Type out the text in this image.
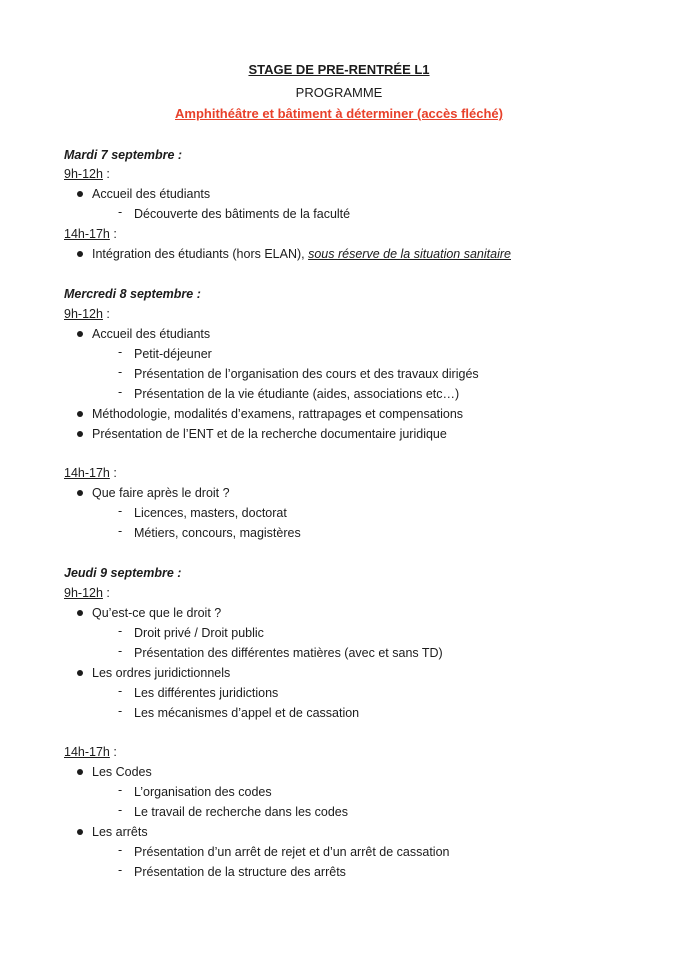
STAGE DE PRE-RENTRÉE L1
PROGRAMME
Amphithéâtre et bâtiment à déterminer (accès fléché)
Mardi 7 septembre :
9h-12h :
Accueil des étudiants
- Découverte des bâtiments de la faculté
14h-17h :
Intégration des étudiants (hors ELAN), sous réserve de la situation sanitaire
Mercredi 8 septembre :
9h-12h :
Accueil des étudiants
- Petit-déjeuner
- Présentation de l’organisation des cours et des travaux dirigés
- Présentation de la vie étudiante (aides, associations etc…)
Méthodologie, modalités d’examens, rattrapages et compensations
Présentation de l’ENT et de la recherche documentaire juridique
14h-17h :
Que faire après le droit ?
- Licences, masters, doctorat
- Métiers, concours, magistères
Jeudi 9 septembre :
9h-12h :
Qu’est-ce que le droit ?
- Droit privé / Droit public
- Présentation des différentes matières (avec et sans TD)
Les ordres juridictionnels
- Les différentes juridictions
- Les mécanismes d’appel et de cassation
14h-17h :
Les Codes
- L’organisation des codes
- Le travail de recherche dans les codes
Les arrêts
- Présentation d’un arrêt de rejet et d’un arrêt de cassation
- Présentation de la structure des arrêts
